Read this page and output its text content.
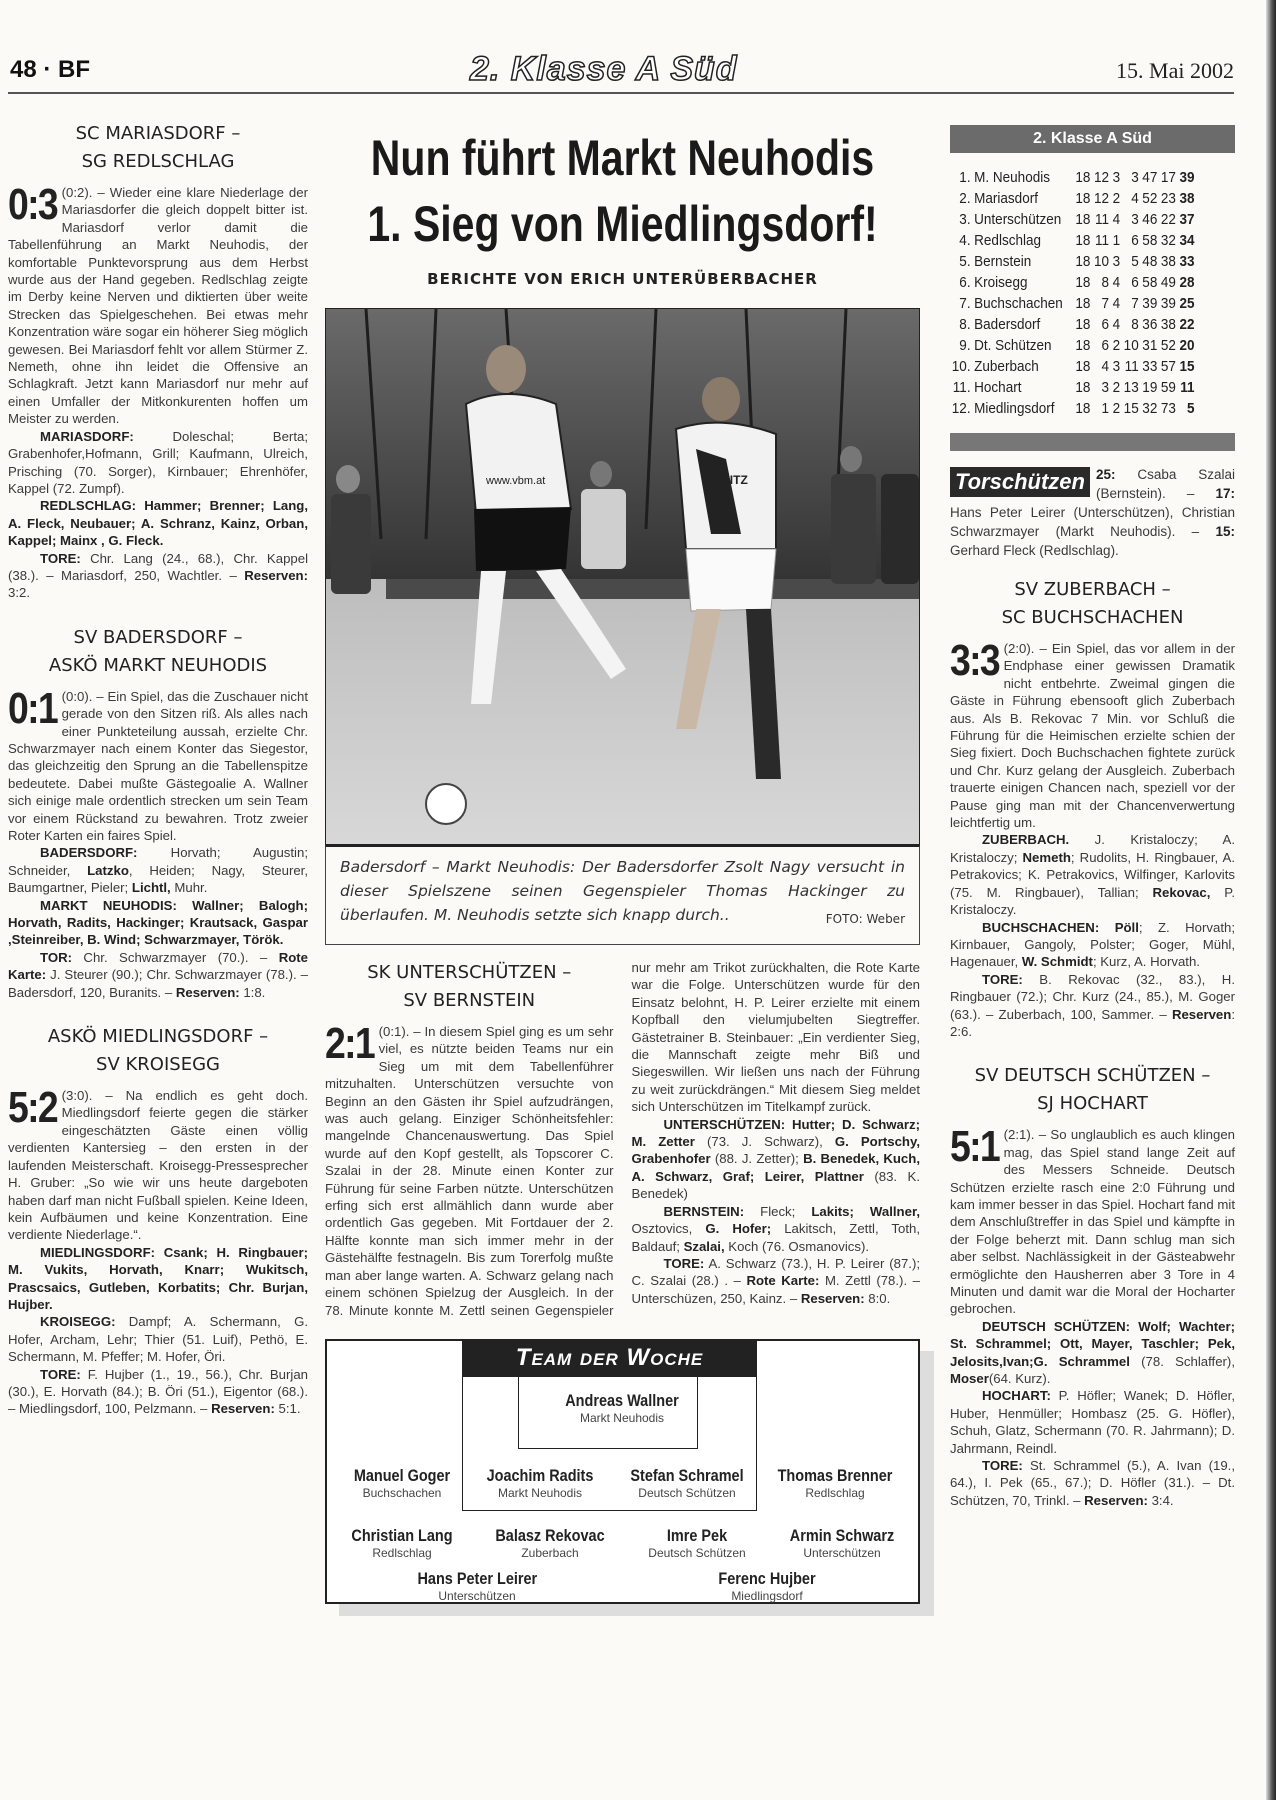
48 · BF	2. Klasse A Süd	15. Mai 2002
SC MARIASDORF –
SG REDLSCHLAG

0:3 (0:2). – Wieder eine klare Niederlage der Mariasdorfer die gleich doppelt bitter ist. Mariasdorf verlor damit die Tabellenführung an Markt Neuhodis, der komfortable Punktevorsprung aus dem Herbst wurde aus der Hand gegeben. Redlschlag zeigte im Derby keine Nerven und diktierten über weite Strecken das Spielgeschehen. Bei etwas mehr Konzentration wäre sogar ein höherer Sieg möglich gewesen. Bei Mariasdorf fehlt vor allem Stürmer Z. Nemeth, ohne ihn leidet die Offensive an Schlagkraft. Jetzt kann Mariasdorf nur mehr auf einen Umfaller der Mitkonkurenten hoffen um Meister zu werden.

MARIASDORF: Doleschal; Berta; Grabenhofer,Hofmann, Grill; Kaufmann, Ulreich, Prisching (70. Sorger), Kirnbauer; Ehrenhöfer, Kappel (72. Zumpf).

REDLSCHLAG: Hammer; Brenner; Lang, A. Fleck, Neubauer; A. Schranz, Kainz, Orban, Kappel; Mainx , G. Fleck.

TORE: Chr. Lang (24., 68.), Chr. Kappel (38.). – Mariasdorf, 250, Wachtler. – Reserven: 3:2.

SV BADERSDORF –
ASKÖ MARKT NEUHODIS

0:1 (0:0). – Ein Spiel, das die Zuschauer nicht gerade von den Sitzen riß. Als alles nach einer Punkteteilung aussah, erzielte Chr. Schwarzmayer nach einem Konter das Siegestor, das gleichzeitig den Sprung an die Tabellenspitze bedeutete. Dabei mußte Gästegoalie A. Wallner sich einige male ordentlich strecken um sein Team vor einem Rückstand zu bewahren. Trotz zweier Roter Karten ein faires Spiel.

BADERSDORF: Horvath; Augustin; Schneider, Latzko, Heiden; Nagy, Steurer, Baumgartner, Pieler; Lichtl, Muhr.

MARKT NEUHODIS: Wallner; Balogh; Horvath, Radits, Hackinger; Krautsack, Gaspar ,Steinreiber, B. Wind; Schwarzmayer, Török.

TOR: Chr. Schwarzmayer (70.). – Rote Karte: J. Steurer (90.); Chr. Schwarzmayer (78.). – Badersdorf, 120, Buranits. – Reserven: 1:8.

ASKÖ MIEDLINGSDORF –
SV KROISEGG

5:2 (3:0). – Na endlich es geht doch. Miedlingsdorf feierte gegen die stärker eingeschätzten Gäste einen völlig verdienten Kantersieg – den ersten in der laufenden Meisterschaft. Kroisegg-Pressesprecher H. Gruber: „So wie wir uns heute dargeboten haben darf man nicht Fußball spielen. Keine Ideen, kein Aufbäumen und keine Konzentration. Eine verdiente Niederlage.“.

MIEDLINGSDORF: Csank; H. Ringbauer; M. Vukits, Horvath, Knarr; Wukitsch, Prascsaics, Gutleben, Korbatits; Chr. Burjan, Hujber.

KROISEGG: Dampf; A. Schermann, G. Hofer, Archam, Lehr; Thier (51. Luif), Pethö, E. Schermann, M. Pfeffer; M. Hofer, Öri.

TORE: F. Hujber (1., 19., 56.), Chr. Burjan (30.), E. Horvath (84.); B. Öri (51.), Eigentor (68.). – Miedlingsdorf, 100, Pelzmann. – Reserven: 5:1.

Nun führt Markt Neuhodis
1. Sieg von Miedlingsdorf!
BERICHTE VON ERICH UNTERÜBERBACHER
www.vbm.at	VASITZ
Badersdorf – Markt Neuhodis: Der Badersdorfer Zsolt Nagy versucht in dieser Spielszene seinen Gegenspieler Thomas Hackinger zu überlaufen. M. Neuhodis setzte sich knapp durch..	FOTO: Weber
SK UNTERSCHÜTZEN –
SV BERNSTEIN

2:1 (0:1). – In diesem Spiel ging es um sehr viel, es nützte beiden Teams nur ein Sieg um mit dem Tabellenführer mitzuhalten. Unterschützen versuchte von Beginn an den Gästen ihr Spiel aufzudrängen, was auch gelang. Einziger Schönheitsfehler: mangelnde Chancenauswertung. Das Spiel wurde auf den Kopf gestellt, als Topscorer C. Szalai in der 28. Minute einen Konter zur Führung für seine Farben nützte. Unterschützen erfing sich erst allmählich dann wurde aber ordentlich Gas gegeben. Mit Fortdauer der 2. Hälfte konnte man sich immer mehr in der Gästehälfte festnageln. Bis zum Torerfolg mußte man aber lange warten. A. Schwarz gelang nach einem schönen Spielzug der Ausgleich. In der 78. Minute konnte M. Zettl seinen Gegenspieler nur mehr am Trikot zurückhalten, die Rote Karte war die Folge. Unterschützen wurde für den Einsatz belohnt, H. P. Leirer erzielte mit einem Kopfball den vielumjubelten Siegtreffer. Gästetrainer B. Steinbauer: „Ein verdienter Sieg, die Mannschaft zeigte mehr Biß und Siegeswillen. Wir ließen uns nach der Führung zu weit zurückdrängen.“ Mit diesem Sieg meldet sich Unterschützen im Titelkampf zurück.

UNTERSCHÜTZEN: Hutter; D. Schwarz; M. Zetter (73. J. Schwarz), G. Portschy, Grabenhofer (88. J. Zetter); B. Benedek, Kuch, A. Schwarz, Graf; Leirer, Plattner (83. K. Benedek)

BERNSTEIN: Fleck; Lakits; Wallner, Osztovics, G. Hofer; Lakitsch, Zettl, Toth, Baldauf; Szalai, Koch (76. Osmanovics).

TORE: A. Schwarz (73.), H. P. Leirer (87.); C. Szalai (28.) . – Rote Karte: M. Zettl (78.). – Unterschüzen, 250, Kainz. – Reserven: 8:0.

Team der Woche
Andreas Wallner
Markt Neuhodis
Manuel Goger
Buchschachen
Joachim Radits
Markt Neuhodis
Stefan Schramel
Deutsch Schützen
Thomas Brenner
Redlschlag
Christian Lang
Redlschlag
Balasz Rekovac
Zuberbach
Imre Pek
Deutsch Schützen
Armin Schwarz
Unterschützen
Hans Peter Leirer
Unterschützen
Ferenc Hujber
Miedlingsdorf
2. Klasse A Süd
1.	M. Neuhodis	18	12	3	3	47	17	39
2.	Mariasdorf	18	12	2	4	52	23	38
3.	Unterschützen	18	11	4	3	46	22	37
4.	Redlschlag	18	11	1	6	58	32	34
5.	Bernstein	18	10	3	5	48	38	33
6.	Kroisegg	18	8	4	6	58	49	28
7.	Buchschachen	18	7	4	7	39	39	25
8.	Badersdorf	18	6	4	8	36	38	22
9.	Dt. Schützen	18	6	2	10	31	52	20
10.	Zuberbach	18	4	3	11	33	57	15
11.	Hochart	18	3	2	13	19	59	11
12.	Miedlingsdorf	18	1	2	15	32	73	5
Torschützen 25: Csaba Szalai (Bernstein). – 17: Hans Peter Leirer (Unterschützen), Christian Schwarzmayer (Markt Neuhodis). – 15: Gerhard Fleck (Redlschlag).
SV ZUBERBACH –
SC BUCHSCHACHEN

3:3 (2:0). – Ein Spiel, das vor allem in der Endphase einer gewissen Dramatik nicht entbehrte. Zweimal gingen die Gäste in Führung ebensooft glich Zuberbach aus. Als B. Rekovac 7 Min. vor Schluß die Führung für die Heimischen erzielte schien der Sieg fixiert. Doch Buchschachen fightete zurück und Chr. Kurz gelang der Ausgleich. Zuberbach trauerte einigen Chancen nach, speziell vor der Pause ging man mit der Chancenverwertung leichtfertig um.

ZUBERBACH. J. Kristaloczy; A. Kristaloczy; Nemeth; Rudolits, H. Ringbauer, A. Petrakovics; K. Petrakovics, Wilfinger, Karlovits (75. M. Ringbauer), Tallian; Rekovac, P. Kristaloczy.

BUCHSCHACHEN: Pöll; Z. Horvath; Kirnbauer, Gangoly, Polster; Goger, Mühl, Hagenauer, W. Schmidt; Kurz, A. Horvath.

TORE: B. Rekovac (32., 83.), H. Ringbauer (72.); Chr. Kurz (24., 85.), M. Goger (63.). – Zuberbach, 100, Sammer. – Reserven: 2:6.

SV DEUTSCH SCHÜTZEN –
SJ HOCHART

5:1 (2:1). – So unglaublich es auch klingen mag, das Spiel stand lange Zeit auf des Messers Schneide. Deutsch Schützen erzielte rasch eine 2:0 Führung und kam immer besser in das Spiel. Hochart fand mit dem Anschlußtreffer in das Spiel und kämpfte in der Folge beherzt mit. Dann schlug man sich aber selbst. Nachlässigkeit in der Gästeabwehr ermöglichte den Hausherren aber 3 Tore in 4 Minuten und damit war die Moral der Hocharter gebrochen.

DEUTSCH SCHÜTZEN: Wolf; Wachter; St. Schrammel; Ott, Mayer, Taschler; Pek, Jelosits,Ivan;G. Schrammel (78. Schlaffer), Moser(64. Kurz).

HOCHART: P. Höfler; Wanek; D. Höfler, Huber, Henmüller; Hombasz (25. G. Höfler), Schuh, Glatz, Schermann (70. R. Jahrmann); D. Jahrmann, Reindl.

TORE: St. Schrammel (5.), A. Ivan (19., 64.), I. Pek (65., 67.); D. Höfler (31.). – Dt. Schützen, 70, Trinkl. – Reserven: 3:4.
